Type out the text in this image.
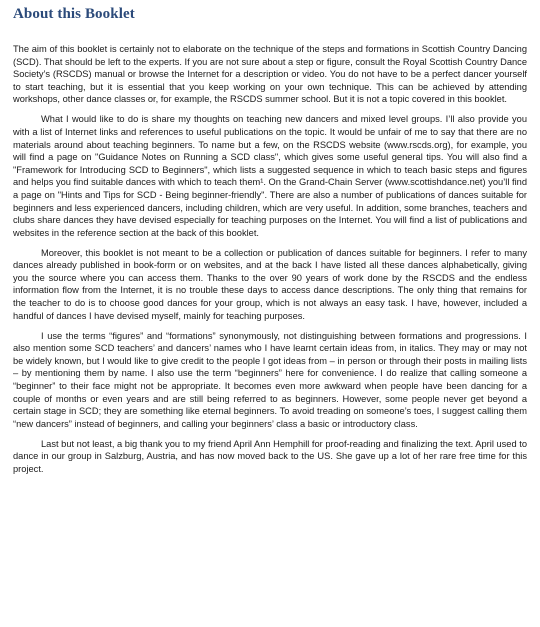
About this Booklet

The aim of this booklet is certainly not to elaborate on the technique of the steps and formations in Scottish Country Dancing (SCD). That should be left to the experts. If you are not sure about a step or figure, consult the Royal Scottish Country Dance Society’s (RSCDS) manual or browse the Internet for a description or video. You do not have to be a perfect dancer yourself to start teaching, but it is essential that you keep working on your own technique. This can be achieved by attending workshops, other dance classes or, for example, the RSCDS summer school. But it is not a topic covered in this booklet.

What I would like to do is share my thoughts on teaching new dancers and mixed level groups. I’ll also provide you with a list of Internet links and references to useful publications on the topic. It would be unfair of me to say that there are no materials around about teaching beginners. To name but a few, on the RSCDS website (www.rscds.org), for example, you will find a page on "Guidance Notes on Running a SCD class", which gives some useful general tips. You will also find a "Framework for Introducing SCD to Beginners", which lists a suggested sequence in which to teach basic steps and figures and helps you find suitable dances with which to teach them¹. On the Grand-Chain Server (www.scottishdance.net) you’ll find a page on "Hints and Tips for SCD - Being beginner-friendly". There are also a number of publications of dances suitable for beginners and less experienced dancers, including children, which are very useful. In addition, some branches, teachers and clubs share dances they have devised especially for teaching purposes on the Internet. You will find a list of publications and websites in the reference section at the back of this booklet.

Moreover, this booklet is not meant to be a collection or publication of dances suitable for beginners. I refer to many dances already published in book-form or on websites, and at the back I have listed all these dances alphabetically, giving you the source where you can access them. Thanks to the over 90 years of work done by the RSCDS and the endless information flow from the Internet, it is no trouble these days to access dance descriptions. The only thing that remains for the teacher to do is to choose good dances for your group, which is not always an easy task. I have, however, included a handful of dances I have devised myself, mainly for teaching purposes.

I use the terms “figures” and “formations” synonymously, not distinguishing between formations and progressions. I also mention some SCD teachers’ and dancers’ names who I have learnt certain ideas from, in italics. They may or may not be widely known, but I would like to give credit to the people I got ideas from – in person or through their posts in mailing lists – by mentioning them by name. I also use the term “beginners” here for convenience. I do realize that calling someone a “beginner” to their face might not be appropriate. It becomes even more awkward when people have been dancing for a couple of months or even years and are still being referred to as beginners. However, some people never get beyond a certain stage in SCD; they are something like eternal beginners. To avoid treading on someone’s toes, I suggest calling them “new dancers” instead of beginners, and calling your beginners’ class a basic or introductory class.

Last but not least, a big thank you to my friend April Ann Hemphill for proof-reading and finalizing the text. April used to dance in our group in Salzburg, Austria, and has now moved back to the US. She gave up a lot of her rare free time for this project.
